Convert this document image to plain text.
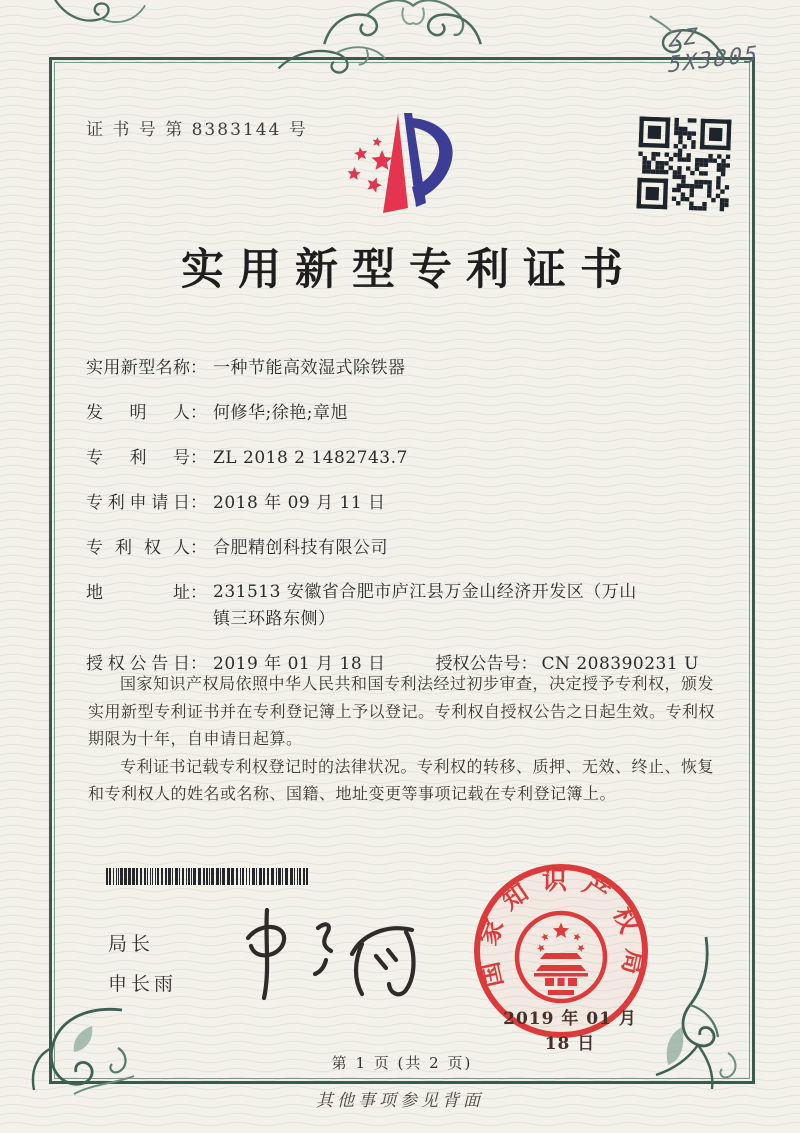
ZZ 5X3805
证 书 号 第 8383144 号
实用新型专利证书
实用新型名称： 一种节能高效湿式除铁器
发明人： 何修华;徐艳;章旭
专利号： ZL 2018 2 1482743.7
专利申请日： 2018 年 09 月 11 日
专利权人： 合肥精创科技有限公司
地址： 231513 安徽省合肥市庐江县万金山经济开发区（万山镇三环路东侧）
授权公告日： 2019 年 01 月 18 日	授权公告号： CN 208390231 U

国家知识产权局依照中华人民共和国专利法经过初步审查，决定授予专利权，颁发实用新型专利证书并在专利登记簿上予以登记。专利权自授权公告之日起生效。专利权期限为十年，自申请日起算。

专利证书记载专利权登记时的法律状况。专利权的转移、质押、无效、终止、恢复和专利权人的姓名或名称、国籍、地址变更等事项记载在专利登记簿上。

局长
申长雨	国家知识产权局
2019 年 01 月 18 日
第 1 页 (共 2 页)
其他事项参见背面
